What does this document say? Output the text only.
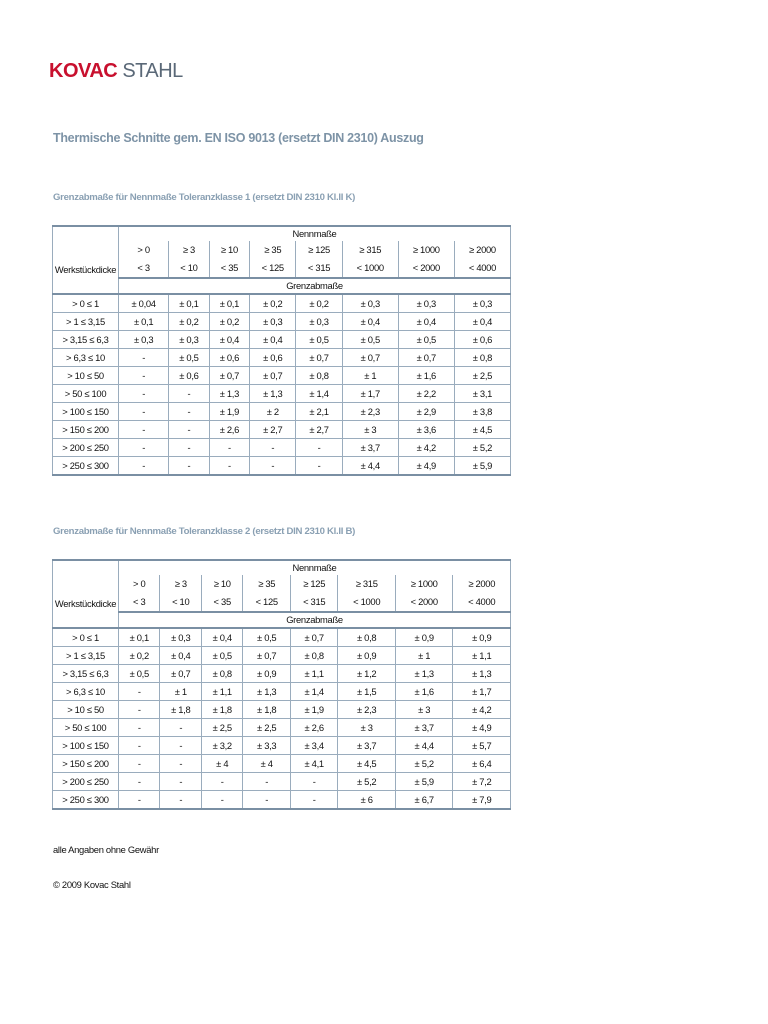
KOVAC STAHL
Thermische Schnitte gem. EN ISO 9013 (ersetzt DIN 2310) Auszug
Grenzabmaße für Nennmaße Toleranzklasse 1 (ersetzt DIN 2310 Kl.II K)
Werkstückdicke	Nennmaße							
	> 0	≥ 3	≥ 10	≥ 35	≥ 125	≥ 315	≥ 1000	≥ 2000
	< 3	< 10	< 35	< 125	< 315	< 1000	< 2000	< 4000
	Grenzabmaße							
> 0 ≤ 1	± 0,04	± 0,1	± 0,1	± 0,2	± 0,2	± 0,3	± 0,3	± 0,3
> 1 ≤ 3,15	± 0,1	± 0,2	± 0,2	± 0,3	± 0,3	± 0,4	± 0,4	± 0,4
> 3,15 ≤ 6,3	± 0,3	± 0,3	± 0,4	± 0,4	± 0,5	± 0,5	± 0,5	± 0,6
> 6,3 ≤ 10	-	± 0,5	± 0,6	± 0,6	± 0,7	± 0,7	± 0,7	± 0,8
> 10 ≤ 50	-	± 0,6	± 0,7	± 0,7	± 0,8	± 1	± 1,6	± 2,5
> 50 ≤ 100	-	-	± 1,3	± 1,3	± 1,4	± 1,7	± 2,2	± 3,1
> 100 ≤ 150	-	-	± 1,9	± 2	± 2,1	± 2,3	± 2,9	± 3,8
> 150 ≤ 200	-	-	± 2,6	± 2,7	± 2,7	± 3	± 3,6	± 4,5
> 200 ≤ 250	-	-	-	-	-	± 3,7	± 4,2	± 5,2
> 250 ≤ 300	-	-	-	-	-	± 4,4	± 4,9	± 5,9
Grenzabmaße für Nennmaße Toleranzklasse 2 (ersetzt DIN 2310 Kl.II B)
Werkstückdicke	Nennmaße							
	> 0	≥ 3	≥ 10	≥ 35	≥ 125	≥ 315	≥ 1000	≥ 2000
	< 3	< 10	< 35	< 125	< 315	< 1000	< 2000	< 4000
	Grenzabmaße							
> 0 ≤ 1	± 0,1	± 0,3	± 0,4	± 0,5	± 0,7	± 0,8	± 0,9	± 0,9
> 1 ≤ 3,15	± 0,2	± 0,4	± 0,5	± 0,7	± 0,8	± 0,9	± 1	± 1,1
> 3,15 ≤ 6,3	± 0,5	± 0,7	± 0,8	± 0,9	± 1,1	± 1,2	± 1,3	± 1,3
> 6,3 ≤ 10	-	± 1	± 1,1	± 1,3	± 1,4	± 1,5	± 1,6	± 1,7
> 10 ≤ 50	-	± 1,8	± 1,8	± 1,8	± 1,9	± 2,3	± 3	± 4,2
> 50 ≤ 100	-	-	± 2,5	± 2,5	± 2,6	± 3	± 3,7	± 4,9
> 100 ≤ 150	-	-	± 3,2	± 3,3	± 3,4	± 3,7	± 4,4	± 5,7
> 150 ≤ 200	-	-	± 4	± 4	± 4,1	± 4,5	± 5,2	± 6,4
> 200 ≤ 250	-	-	-	-	-	± 5,2	± 5,9	± 7,2
> 250 ≤ 300	-	-	-	-	-	± 6	± 6,7	± 7,9
alle Angaben ohne Gewähr
© 2009 Kovac Stahl
